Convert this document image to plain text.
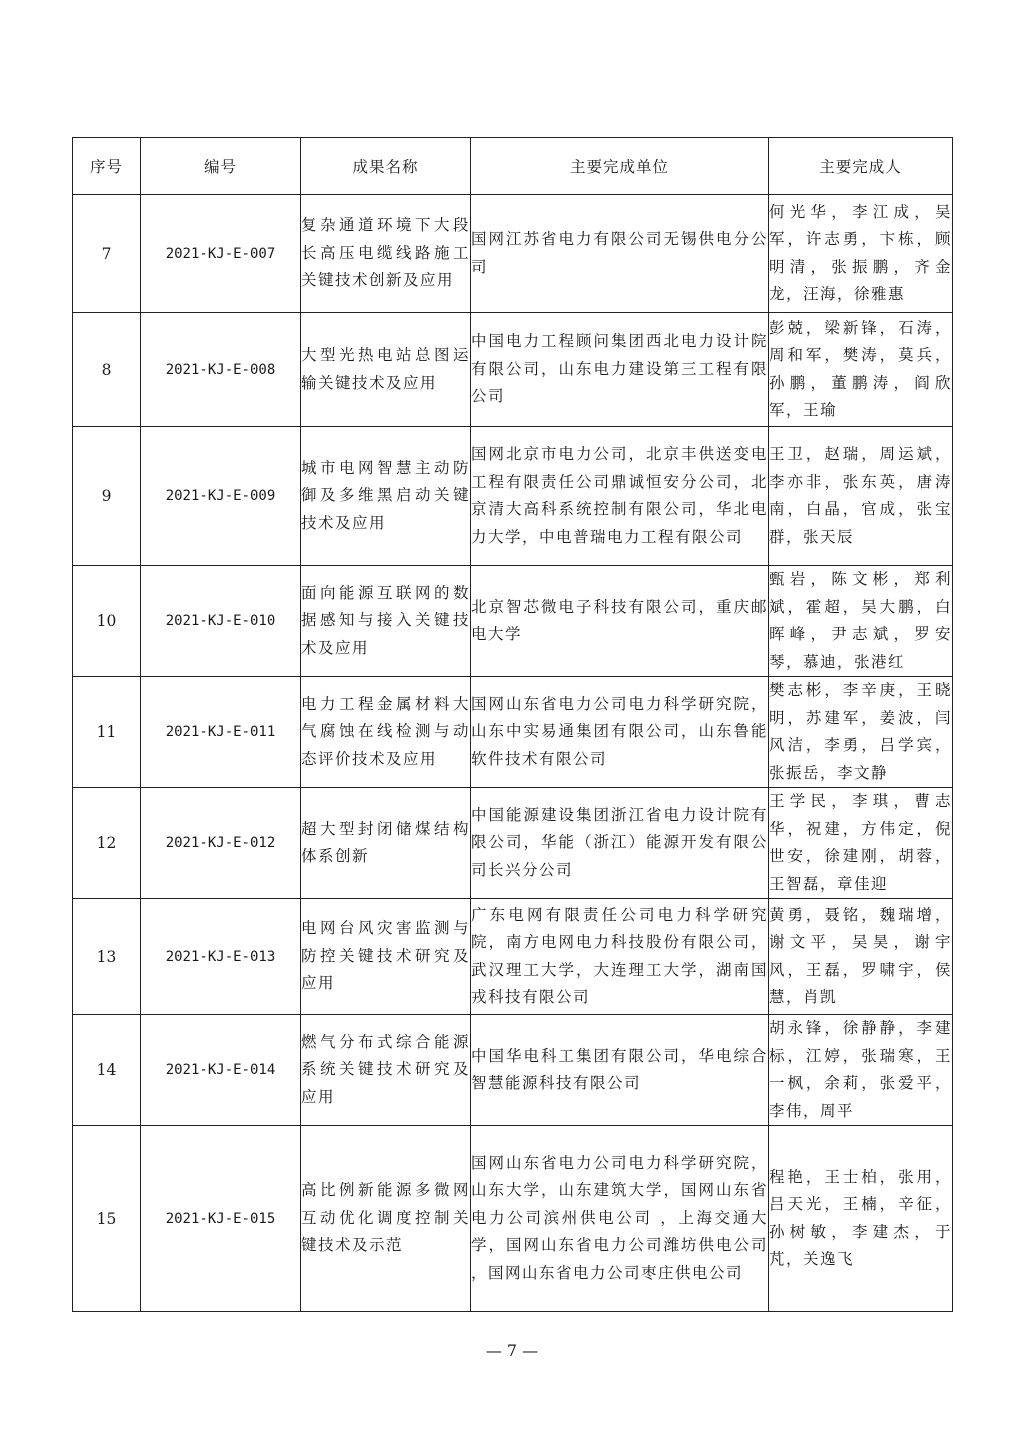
序号	编号	成果名称	主要完成单位	主要完成人
7	2021-KJ-E-007	复杂通道环境下大段长高压电缆线路施工关键技术创新及应用	国网江苏省电力有限公司无锡供电分公司	何光华，李江成，吴军，许志勇，卞栋，顾明清，张振鹏，齐金龙，汪海，徐雅惠
8	2021-KJ-E-008	大型光热电站总图运输关键技术及应用	中国电力工程顾问集团西北电力设计院有限公司，山东电力建设第三工程有限公司	彭兢，梁新锋，石涛，周和军，樊涛，莫兵，孙鹏，董鹏涛，阎欣军，王瑜
9	2021-KJ-E-009	城市电网智慧主动防御及多维黑启动关键技术及应用	国网北京市电力公司，北京丰供送变电工程有限责任公司鼎诚恒安分公司，北京清大高科系统控制有限公司，华北电力大学，中电普瑞电力工程有限公司	王卫，赵瑞，周运斌，李亦非，张东英，唐涛南，白晶，官成，张宝群，张天辰
10	2021-KJ-E-010	面向能源互联网的数据感知与接入关键技术及应用	北京智芯微电子科技有限公司，重庆邮电大学	甄岩，陈文彬，郑利斌，霍超，吴大鹏，白晖峰，尹志斌，罗安琴，慕迪，张港红
11	2021-KJ-E-011	电力工程金属材料大气腐蚀在线检测与动态评价技术及应用	国网山东省电力公司电力科学研究院，山东中实易通集团有限公司，山东鲁能软件技术有限公司	樊志彬，李辛庚，王晓明，苏建军，姜波，闫风洁，李勇，吕学宾，张振岳，李文静
12	2021-KJ-E-012	超大型封闭储煤结构体系创新	中国能源建设集团浙江省电力设计院有限公司，华能（浙江）能源开发有限公司长兴分公司	王学民，李琪，曹志华，祝建，方伟定，倪世安，徐建刚，胡蓉，王智磊，章佳迎
13	2021-KJ-E-013	电网台风灾害监测与防控关键技术研究及应用	广东电网有限责任公司电力科学研究院，南方电网电力科技股份有限公司，武汉理工大学，大连理工大学，湖南国戎科技有限公司	黄勇，聂铭，魏瑞增，谢文平，吴昊，谢宇风，王磊，罗啸宇，侯慧，肖凯
14	2021-KJ-E-014	燃气分布式综合能源系统关键技术研究及应用	中国华电科工集团有限公司，华电综合智慧能源科技有限公司	胡永锋，徐静静，李建标，江婷，张瑞寒，王一枫，余莉，张爱平，李伟，周平
15	2021-KJ-E-015	高比例新能源多微网互动优化调度控制关键技术及示范	国网山东省电力公司电力科学研究院，山东大学，山东建筑大学，国网山东省电力公司滨州供电公司 ，上海交通大学，国网山东省电力公司潍坊供电公司 ，国网山东省电力公司枣庄供电公司	程艳，王士柏，张用，吕天光，王楠，辛征，孙树敏，李建杰，于芃，关逸飞
— 7 —
